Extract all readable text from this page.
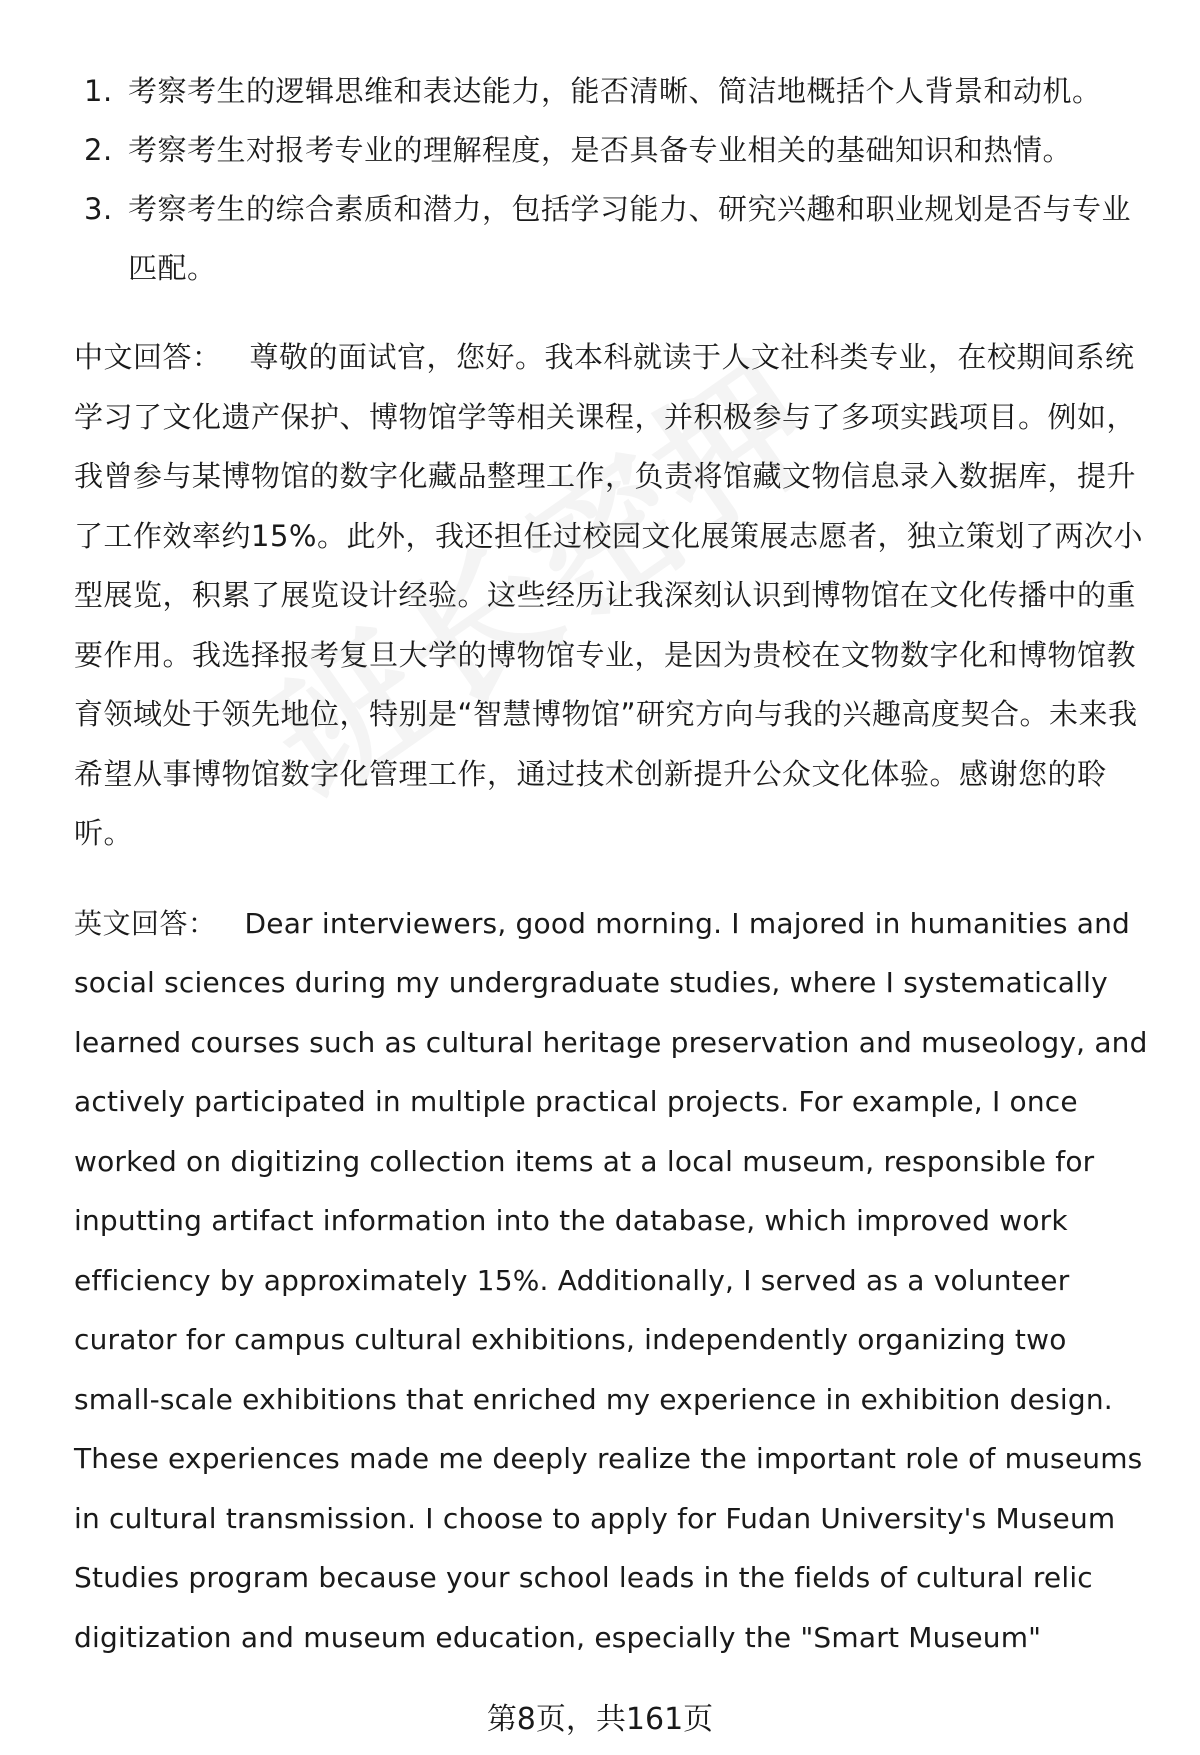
1. 考察考生的逻辑思维和表达能力，能否清晰、简洁地概括个人背景和动机。
2. 考察考生对报考专业的理解程度，是否具备专业相关的基础知识和热情。
3. 考察考生的综合素质和潜力，包括学习能力、研究兴趣和职业规划是否与专业匹配。

中文回答： 尊敬的面试官，您好。我本科就读于人文社科类专业，在校期间系统学习了文化遗产保护、博物馆学等相关课程，并积极参与了多项实践项目。例如，我曾参与某博物馆的数字化藏品整理工作，负责将馆藏文物信息录入数据库，提升了工作效率约15%。此外，我还担任过校园文化展策展志愿者，独立策划了两次小型展览，积累了展览设计经验。这些经历让我深刻认识到博物馆在文化传播中的重要作用。我选择报考复旦大学的博物馆专业，是因为贵校在文物数字化和博物馆教育领域处于领先地位，特别是“智慧博物馆”研究方向与我的兴趣高度契合。未来我希望从事博物馆数字化管理工作，通过技术创新提升公众文化体验。感谢您的聆听。

英文回答： Dear interviewers, good morning. I majored in humanities and social sciences during my undergraduate studies, where I systematically learned courses such as cultural heritage preservation and museology, and actively participated in multiple practical projects. For example, I once worked on digitizing collection items at a local museum, responsible for inputting artifact information into the database, which improved work efficiency by approximately 15%. Additionally, I served as a volunteer curator for campus cultural exhibitions, independently organizing two small-scale exhibitions that enriched my experience in exhibition design. These experiences made me deeply realize the important role of museums in cultural transmission. I choose to apply for Fudan University's Museum Studies program because your school leads in the fields of cultural relic digitization and museum education, especially the "Smart Museum"

第8页，共161页
